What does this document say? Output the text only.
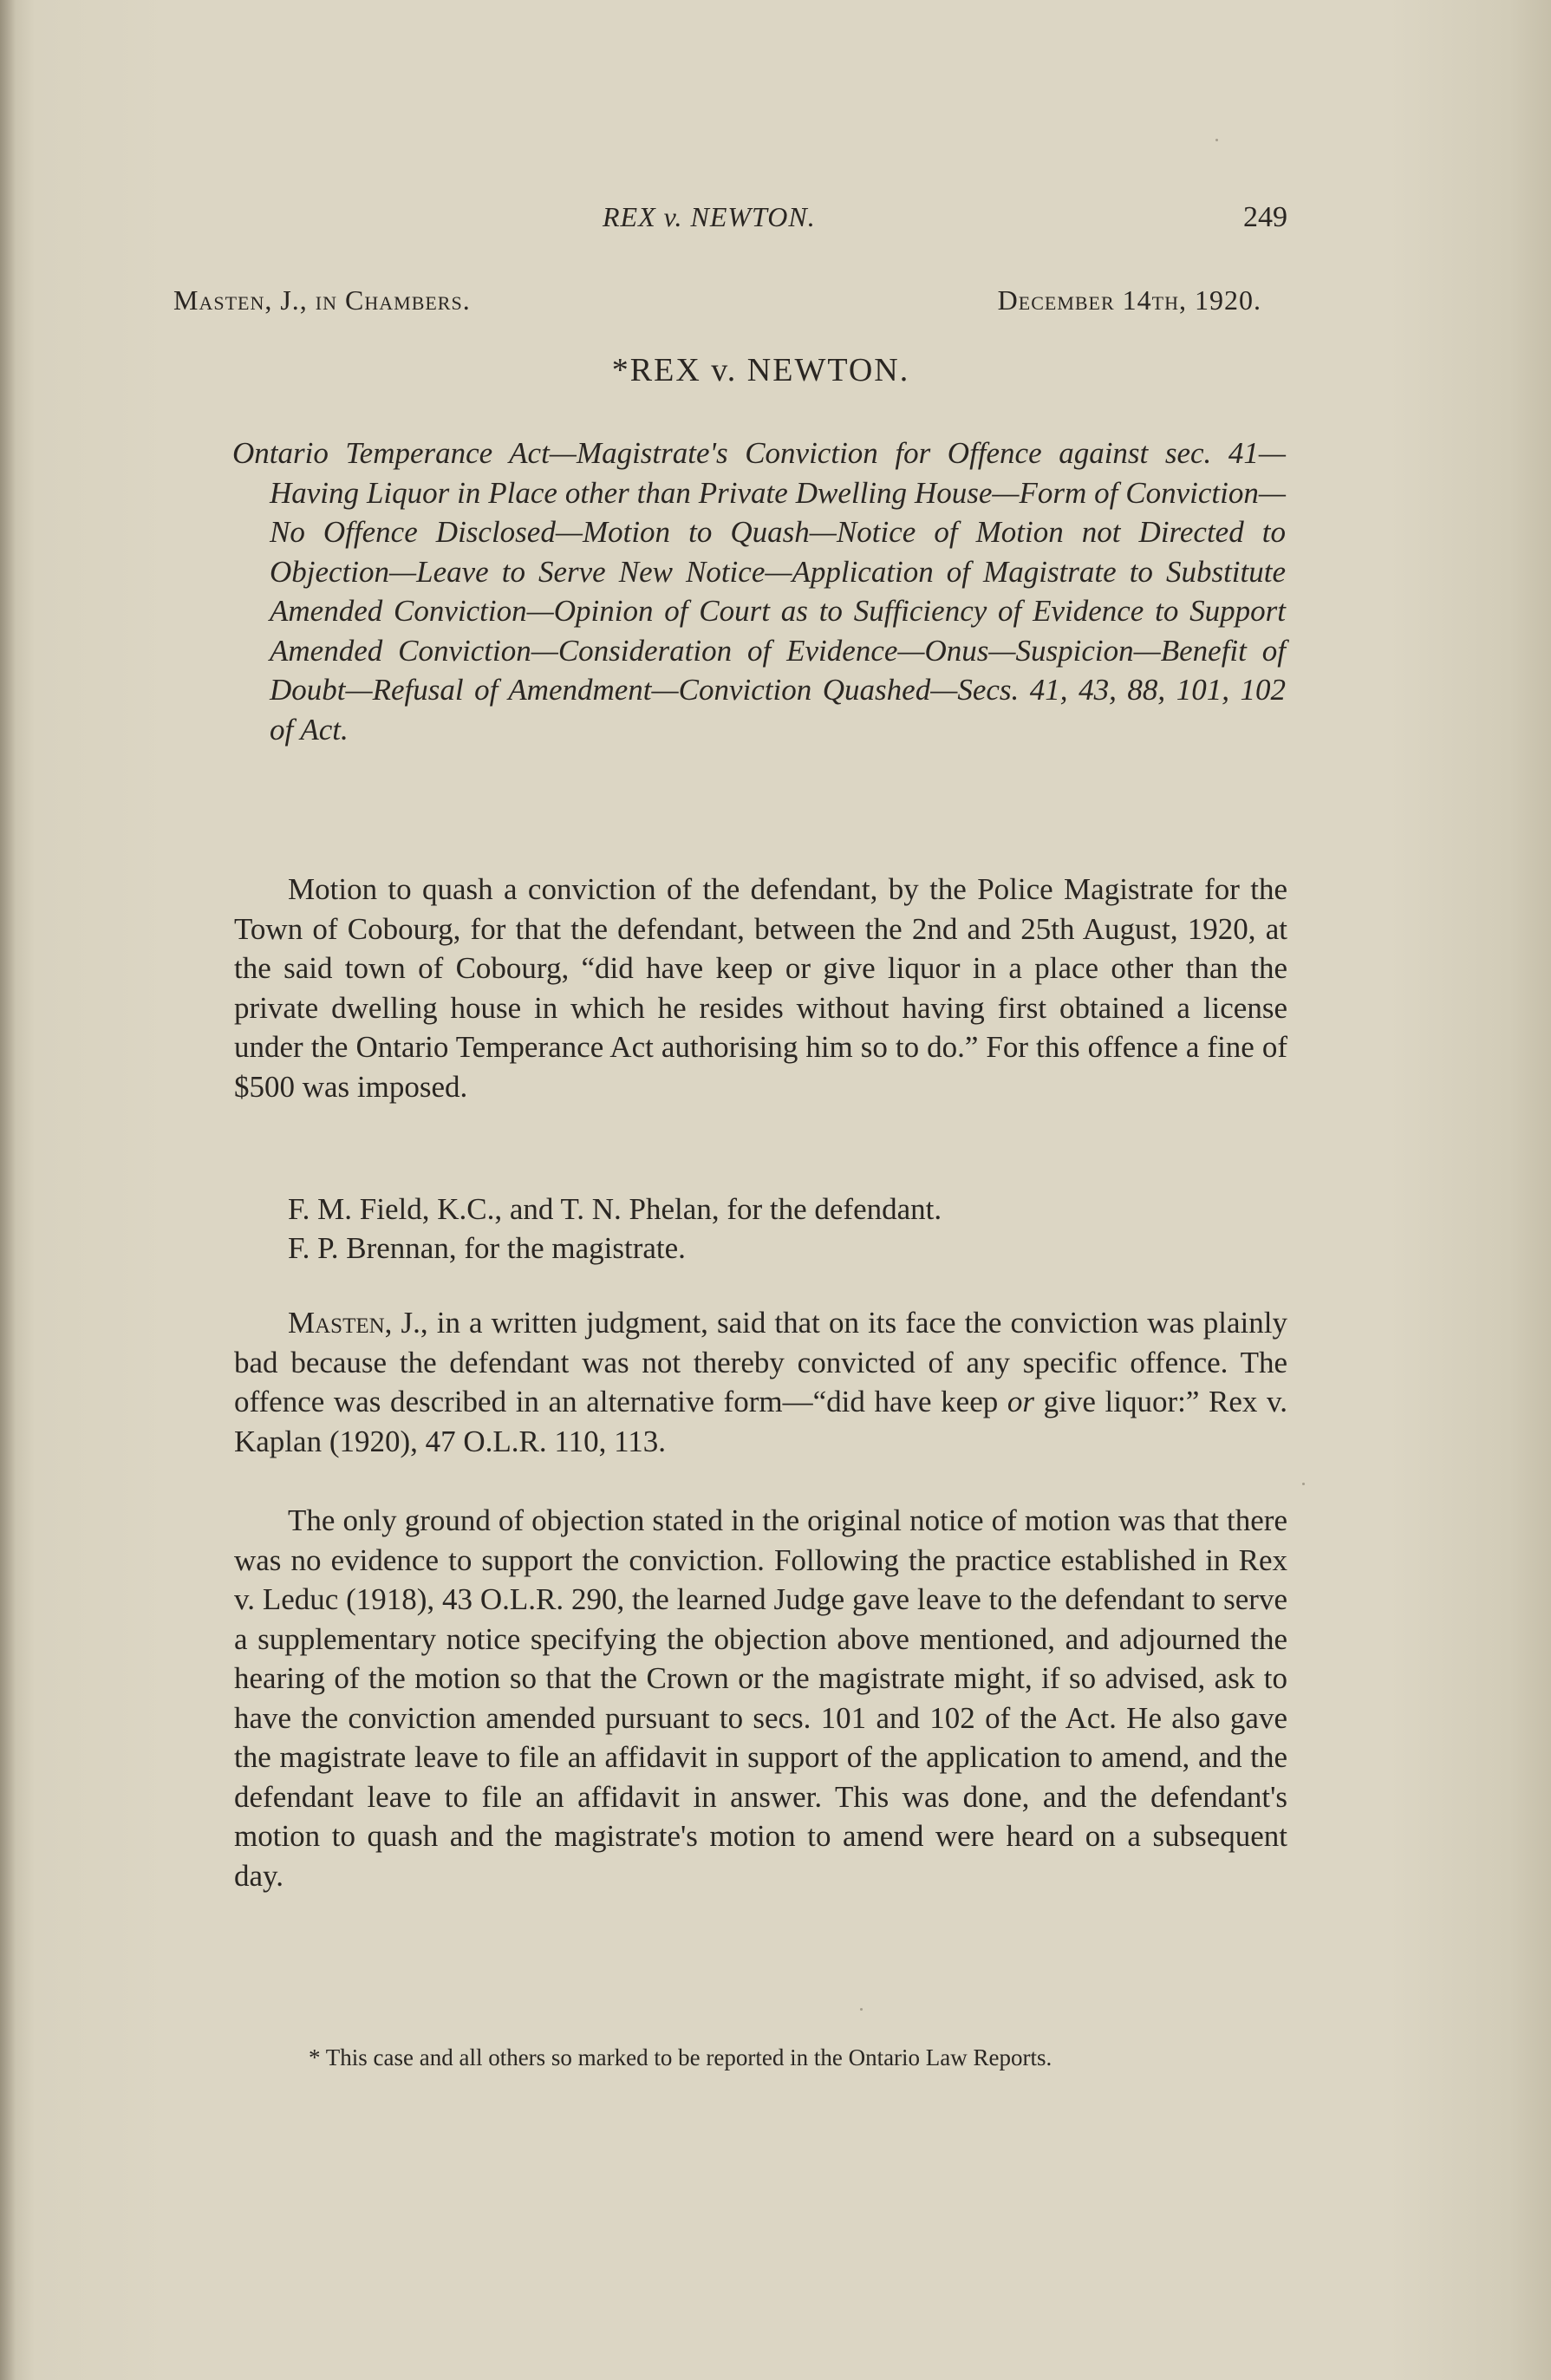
REX v. NEWTON.	249
Masten, J., in Chambers.	December 14th, 1920.
*REX v. NEWTON.
Ontario Temperance Act—Magistrate's Conviction for Offence against sec. 41—Having Liquor in Place other than Private Dwelling House—Form of Conviction—No Offence Disclosed—Motion to Quash—Notice of Motion not Directed to Objection—Leave to Serve New Notice—Application of Magistrate to Substitute Amended Conviction—Opinion of Court as to Sufficiency of Evidence to Support Amended Conviction—Consideration of Evidence—Onus—Suspicion—Benefit of Doubt—Refusal of Amendment—Conviction Quashed—Secs. 41, 43, 88, 101, 102 of Act.
Motion to quash a conviction of the defendant, by the Police Magistrate for the Town of Cobourg, for that the defendant, between the 2nd and 25th August, 1920, at the said town of Cobourg, “did have keep or give liquor in a place other than the private dwelling house in which he resides without having first obtained a license under the Ontario Temperance Act authorising him so to do.” For this offence a fine of $500 was imposed.
F. M. Field, K.C., and T. N. Phelan, for the defendant.
F. P. Brennan, for the magistrate.
Masten, J., in a written judgment, said that on its face the conviction was plainly bad because the defendant was not thereby convicted of any specific offence. The offence was described in an alternative form—“did have keep or give liquor:” Rex v. Kaplan (1920), 47 O.L.R. 110, 113.
The only ground of objection stated in the original notice of motion was that there was no evidence to support the conviction. Following the practice established in Rex v. Leduc (1918), 43 O.L.R. 290, the learned Judge gave leave to the defendant to serve a supplementary notice specifying the objection above mentioned, and adjourned the hearing of the motion so that the Crown or the magistrate might, if so advised, ask to have the conviction amended pursuant to secs. 101 and 102 of the Act. He also gave the magistrate leave to file an affidavit in support of the application to amend, and the defendant leave to file an affidavit in answer. This was done, and the defendant's motion to quash and the magistrate's motion to amend were heard on a subsequent day.
* This case and all others so marked to be reported in the Ontario Law Reports.
